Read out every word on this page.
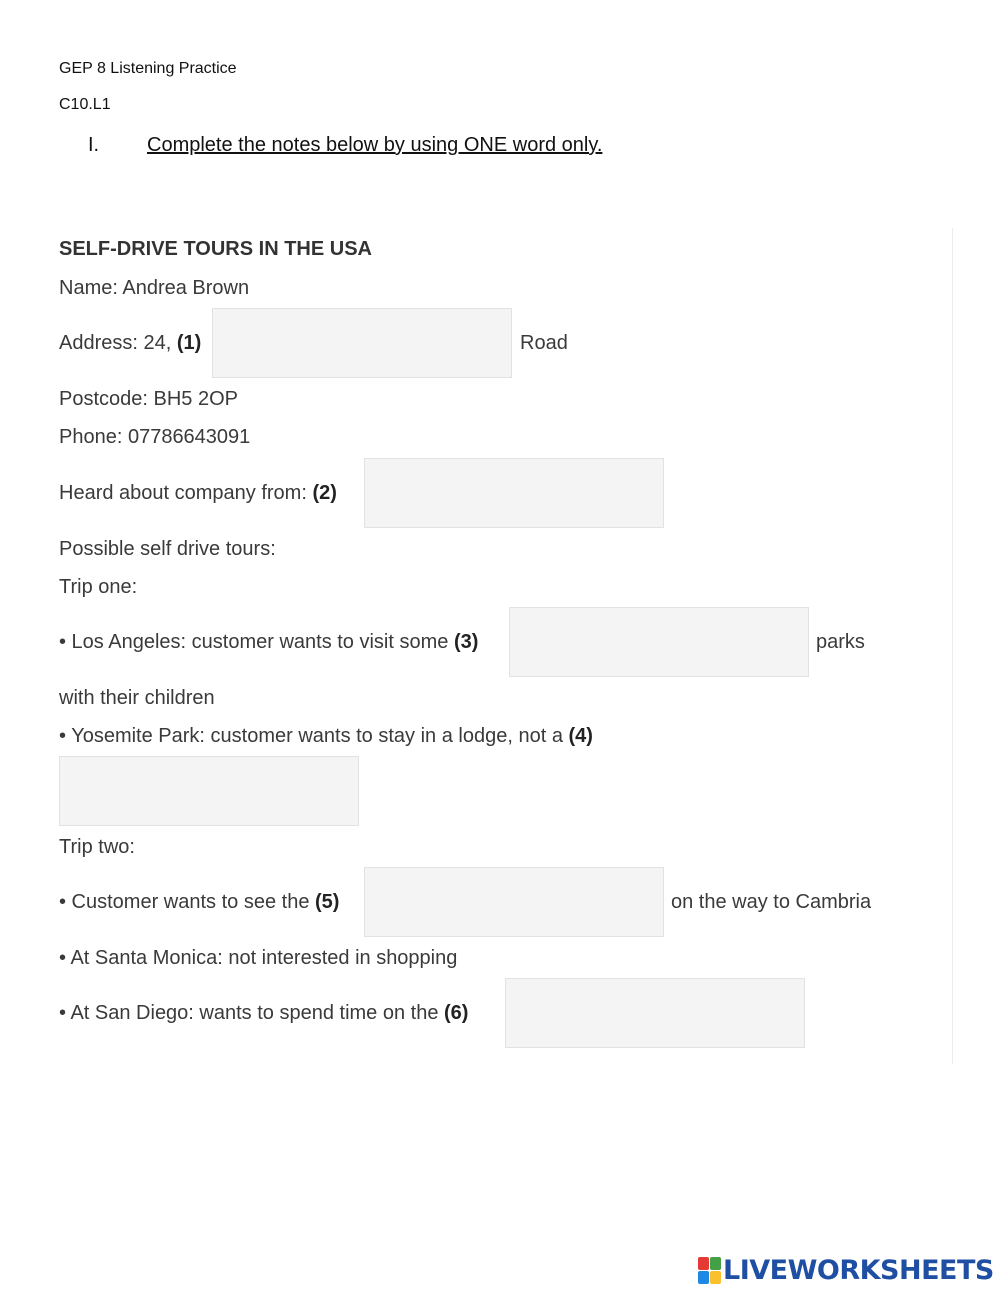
GEP 8 Listening Practice
C10.L1
I. Complete the notes below by using ONE word only.
SELF-DRIVE TOURS IN THE USA
Name: Andrea Brown
Address: 24, (1)	Road
Postcode: BH5 2OP
Phone: 07786643091
Heard about company from: (2)
Possible self drive tours:
Trip one:
• Los Angeles: customer wants to visit some (3)	parks
with their children
• Yosemite Park: customer wants to stay in a lodge, not a (4)
Trip two:
• Customer wants to see the (5)	on the way to Cambria
• At Santa Monica: not interested in shopping
• At San Diego: wants to spend time on the (6)
LIVEWORKSHEETS
